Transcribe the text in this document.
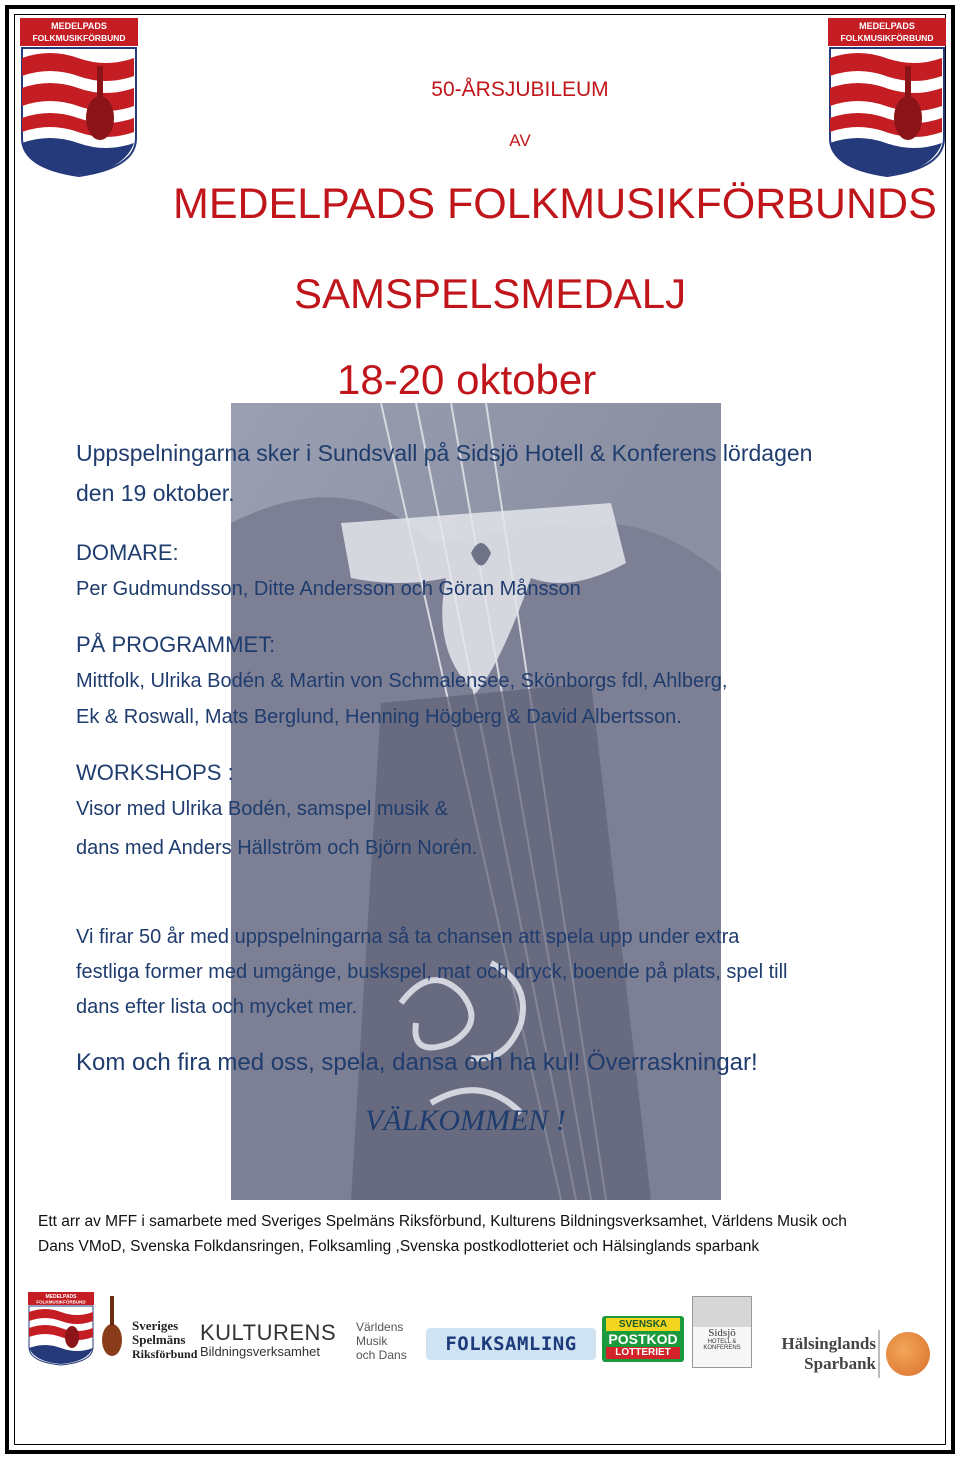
MEDELPADS
FOLKMUSIKFÖRBUND
MEDELPADS
FOLKMUSIKFÖRBUND
50-ÅRSJUBILEUM
AV
MEDELPADS FOLKMUSIKFÖRBUNDS
SAMSPELSMEDALJ
18-20 oktober
Uppspelningarna sker i Sundsvall på Sidsjö Hotell & Konferens lördagen
den 19 oktober.
DOMARE:
Per Gudmundsson, Ditte Andersson och Göran Månsson
PÅ PROGRAMMET:
Mittfolk, Ulrika Bodén & Martin von Schmalensee, Skönborgs fdl, Ahlberg,
Ek & Roswall, Mats Berglund, Henning Högberg & David Albertsson.
WORKSHOPS :
Visor med Ulrika Bodén, samspel musik &
dans med Anders Hällström och Björn Norén.
Vi firar 50 år med uppspelningarna så ta chansen att spela upp under extra
festliga former med umgänge, buskspel, mat och dryck, boende på plats, spel till
dans efter lista och mycket mer.
Kom och fira med oss, spela, dansa och ha kul! Överraskningar!
VÄLKOMMEN !
Ett arr av MFF i samarbete med Sveriges Spelmäns Riksförbund, Kulturens Bildningsverksamhet, Världens Musik och
Dans VMoD, Svenska Folkdansringen, Folksamling ,Svenska postkodlotteriet och Hälsinglands sparbank
MEDELPADS
FOLKMUSIKFÖRBUND
Sveriges
Spelmäns
Riksförbund
KULTURENS
Bildningsverksamhet
Världens
Musik
och Dans	FOLKSAMLING
SVENSKA
POSTKOD
LOTTERIET
Sidsjö
HOTELL &
KONFERENS	Hälsinglands
Sparbank
